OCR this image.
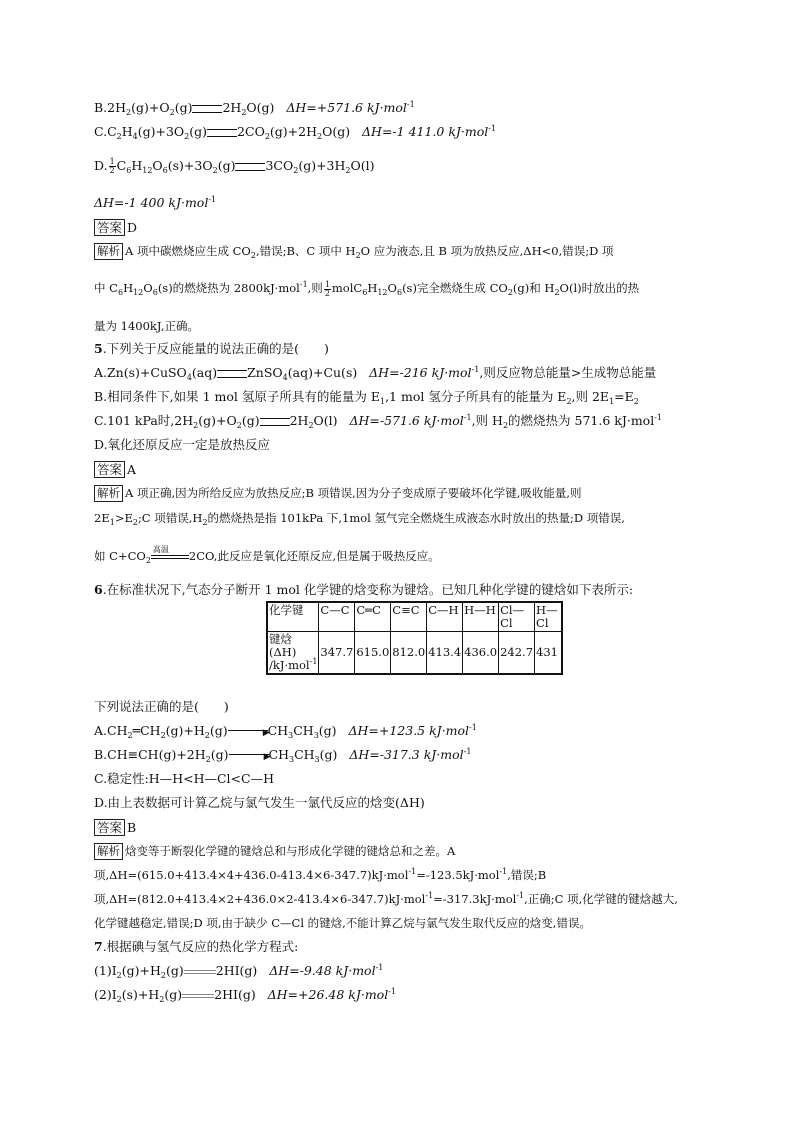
$B.2H_2(g)+O_2(g)$ $2H_2O(g)$ ΔH=+571.6 kJ·mol$^{-1}$
$C.C_2H_4(g)+3O_2(g)$ $2CO_2(g)+2H_2O(g)$ ΔH=-1 411.0 kJ·mol$^{-1}$
D. $\frac{1}{2} C_6H_{12}O_6(s)+3O_2(g)$ $3CO_2(g)+3H_2O(l)$
ΔH=-1 400 kJ·mol$^{-1}$
答案 D
解析 A 项中碳燃烧应生成 $CO_2$,错误;B、C 项中 $H_2O$ 应为液态,且 B 项为放热反应,ΔH<0,错误;D 项
中 $C_6H_{12}O_6(s)$的燃烧热为 2800kJ·mol$^{-1}$,则 $\frac{1}{2}$ $molC_6H_{12}O_6(s)$完全燃烧生成 $CO_2(g)$和 $H_2O(l)$时放出的热
量为 1400kJ,正确。
5.下列关于反应能量的说法正确的是(　　)
A.Zn(s)+CuSO$_4$(aq) ZnSO$_4$(aq)+Cu(s) ΔH=-216 kJ·mol$^{-1}$,则反应物总能量>生成物总能量
B.相同条件下,如果 1 mol 氢原子所具有的能量为 $E_1,1$ mol 氢分子所具有的能量为 $E_2$,则 $2E_1=E_2$
C.101 kPa时$,2H_2(g)+O_2(g)$ $2H_2O(l)$ ΔH=-571.6 kJ·mol$^{-1}$,则 $H_2$的燃烧热为 571.6 kJ·mol$^{-1}$
D.氧化还原反应一定是放热反应
答案 A
解析 A 项正确,因为所给反应为放热反应;B 项错误,因为分子变成原子要破坏化学键,吸收能量,则
$2E_1>E_2;C$ 项错误$,H_2$的燃烧热是指 101kPa 下,1mol 氢气完全燃烧生成液态水时放出的热量;D 项错误,
如 $C+CO_2$
高温 2CO,此反应是氧化还原反应,但是属于吸热反应。
6.在标准状况下,气态分子断开 1 mol 化学键的焓变称为键焓。已知几种化学键的键焓如下表所示:
化学键	C—C	C═C	C≡C	C—H	H—H	Cl—Cl	H—Cl
键焓(ΔH)
/kJ·mol$^{-1}$	347.7	615.0	812.0	413.4	436.0	242.7	431
下列说法正确的是(　　)
$A.CH_2═CH_2(g)+H_2(g)$	▶
$CH_3CH_3(g)$ ΔH=+123.5 kJ·mol$^{-1}$
$B.CH\equiv CH(g)+2H_2(g)$	▶
$CH_3CH_3(g)$ ΔH=-317.3 kJ·mol$^{-1}$
C.稳定性:H—H<H—Cl<C—H
D.由上表数据可计算乙烷与氯气发生一氯代反应的焓变(ΔH)
答案 B
解析 焓变等于断裂化学键的键焓总和与形成化学键的键焓总和之差。A
项,ΔH=(615.0+413.4×4+436.0-413.4×6-347.7)kJ·mol$^{-1}$=-123.5kJ·mol$^{-1}$,错误;B
项,ΔH=(812.0+413.4×2+436.0×2-413.4×6-347.7)kJ·mol$^{-1}$=-317.3kJ·mol$^{-1}$,正确;C 项,化学键的键焓越大,
化学键越稳定,错误;D 项,由于缺少 C—Cl 的键焓,不能计算乙烷与氯气发生取代反应的焓变,错误。
7.根据碘与氢气反应的热化学方程式:
$(1)I_2(g)+H_2(g)$	2HI(g) ΔH=-9.48 kJ·mol$^{-1}$
$(2)I_2(s)+H_2(g)$	2HI(g) ΔH=+26.48 kJ·mol$^{-1}$
